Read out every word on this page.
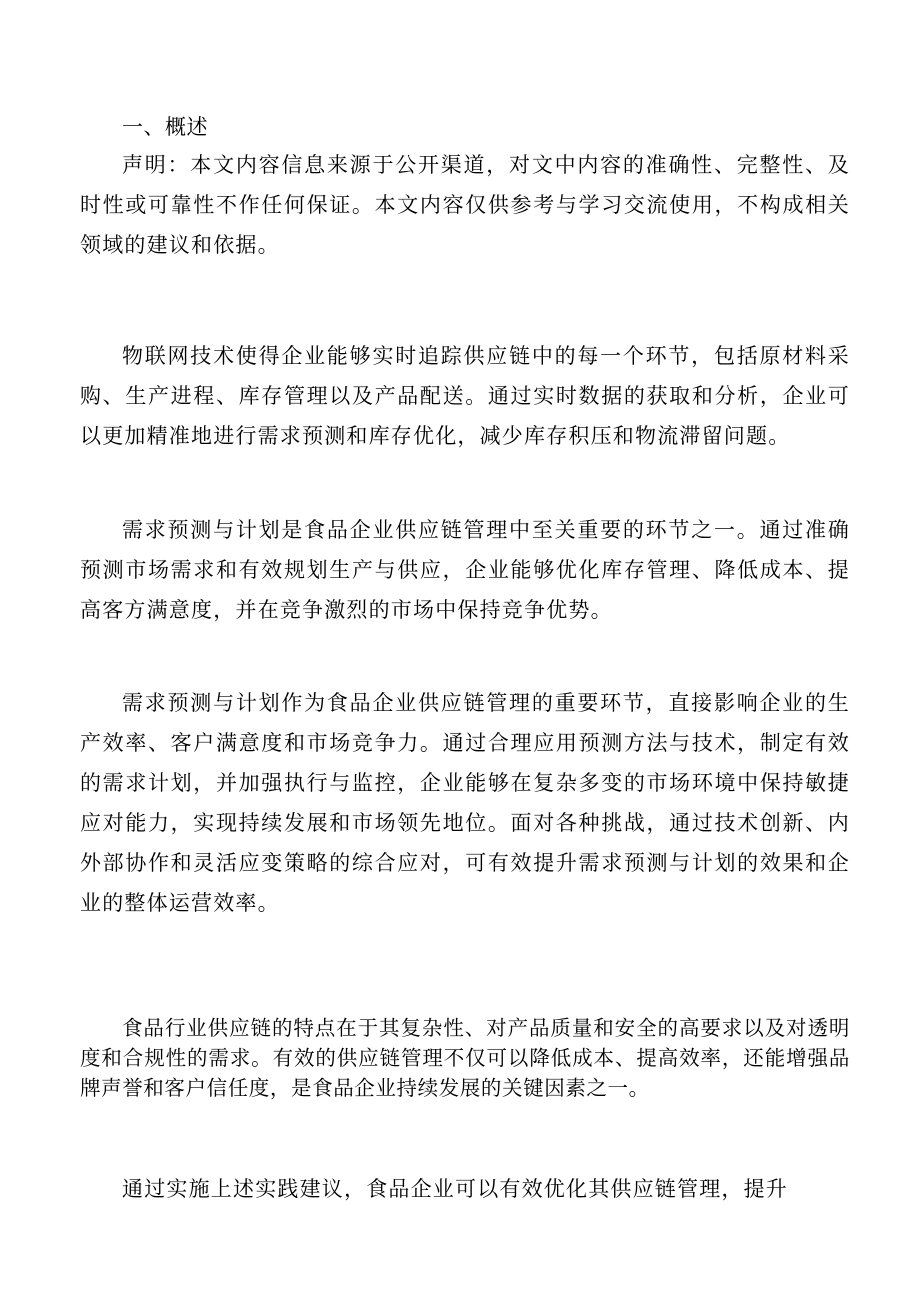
一、概述

声明：本文内容信息来源于公开渠道，对文中内容的准确性、完整性、及时性或可靠性不作任何保证。本文内容仅供参考与学习交流使用，不构成相关领域的建议和依据。

物联网技术使得企业能够实时追踪供应链中的每一个环节，包括原材料采购、生产进程、库存管理以及产品配送。通过实时数据的获取和分析，企业可以更加精准地进行需求预测和库存优化，减少库存积压和物流滞留问题。

需求预测与计划是食品企业供应链管理中至关重要的环节之一。通过准确预测市场需求和有效规划生产与供应，企业能够优化库存管理、降低成本、提高客方满意度，并在竞争激烈的市场中保持竞争优势。

需求预测与计划作为食品企业供应链管理的重要环节，直接影响企业的生产效率、客户满意度和市场竞争力。通过合理应用预测方法与技术，制定有效的需求计划，并加强执行与监控，企业能够在复杂多变的市场环境中保持敏捷应对能力，实现持续发展和市场领先地位。面对各种挑战，通过技术创新、内外部协作和灵活应变策略的综合应对，可有效提升需求预测与计划的效果和企业的整体运营效率。

食品行业供应链的特点在于其复杂性、对产品质量和安全的高要求以及对透明度和合规性的需求。有效的供应链管理不仅可以降低成本、提高效率，还能增强品牌声誉和客户信任度，是食品企业持续发展的关键因素之一。

通过实施上述实践建议，食品企业可以有效优化其供应链管理，提升
